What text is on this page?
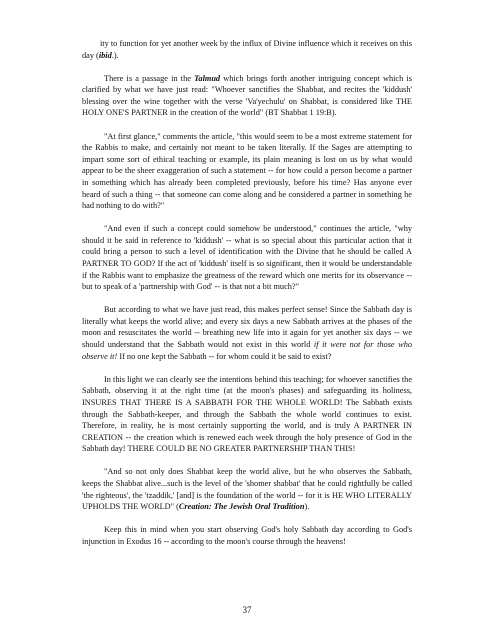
ity to function for yet another week by the influx of Divine influence which it receives on this day (ibid.).

There is a passage in the Talmud which brings forth another intriguing concept which is clarified by what we have just read: "Whoever sanctifies the Shabbat, and recites the 'kiddush' blessing over the wine together with the verse 'Va'yechulu' on Shabbat, is considered like THE HOLY ONE'S PARTNER in the creation of the world" (BT Shabbat 1 19:B).

"At first glance," comments the article, "this would seem to be a most extreme statement for the Rabbis to make, and certainly not meant to be taken literally. If the Sages are attempting to impart some sort of ethical teaching or example, its plain meaning is lost on us by what would appear to be the sheer exaggeration of such a statement -- for how could a person become a partner in something which has already been completed previously, before his time? Has anyone ever heard of such a thing -- that someone can come along and be considered a partner in something he had nothing to do with?"

"And even if such a concept could somehow be understood," continues the article, "why should it be said in reference to 'kiddush' -- what is so special about this particular action that it could bring a person to such a level of identification with the Divine that he should be called A PARTNER TO GOD? If the act of 'kiddush' itself is so significant, then it would be understandable if the Rabbis want to emphasize the greatness of the reward which one merits for its observance -- but to speak of a 'partnership with God' -- is that not a bit much?"

But according to what we have just read, this makes perfect sense! Since the Sabbath day is literally what keeps the world alive; and every six days a new Sabbath arrives at the phases of the moon and resuscitates the world -- breathing new life into it again for yet another six days -- we should understand that the Sabbath would not exist in this world if it were not for those who observe it! If no one kept the Sabbath -- for whom could it be said to exist?

In this light we can clearly see the intentions behind this teaching; for whoever sanctifies the Sabbath, observing it at the right time (at the moon's phases) and safeguarding its holiness, INSURES THAT THERE IS A SABBATH FOR THE WHOLE WORLD! The Sabbath exists through the Sabbath-keeper, and through the Sabbath the whole world continues to exist. Therefore, in reality, he is most certainly supporting the world, and is truly A PARTNER IN CREATION -- the creation which is renewed each week through the holy presence of God in the Sabbath day! THERE COULD BE NO GREATER PARTNERSHIP THAN THIS!

"And so not only does Shabbat keep the world alive, but he who observes the Sabbath, keeps the Shabbat alive...such is the level of the 'shomer shabbat' that he could rightfully be called 'the righteous', the 'tzaddik,' [and] is the foundation of the world -- for it is HE WHO LITERALLY UPHOLDS THE WORLD" (Creation: The Jewish Oral Tradition).

Keep this in mind when you start observing God's holy Sabbath day according to God's injunction in Exodus 16 -- according to the moon's course through the heavens!

37
